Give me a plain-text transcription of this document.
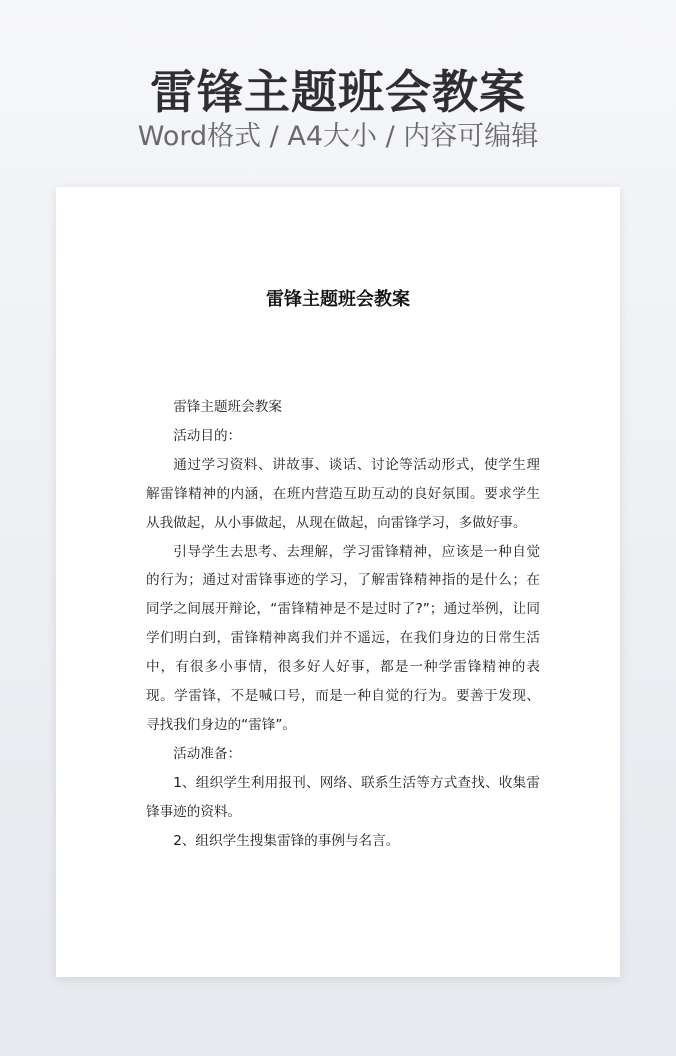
雷锋主题班会教案
Word格式 / A4大小 / 内容可编辑
雷锋主题班会教案

雷锋主题班会教案

活动目的：

通过学习资料、讲故事、谈话、讨论等活动形式，使学生理解雷锋精神的内涵，在班内营造互助互动的良好氛围。要求学生从我做起，从小事做起，从现在做起，向雷锋学习，多做好事。

引导学生去思考、去理解，学习雷锋精神，应该是一种自觉的行为；通过对雷锋事迹的学习，了解雷锋精神指的是什么；在同学之间展开辩论，“雷锋精神是不是过时了?”；通过举例，让同学们明白到，雷锋精神离我们并不遥远，在我们身边的日常生活中，有很多小事情，很多好人好事，都是一种学雷锋精神的表现。学雷锋，不是喊口号，而是一种自觉的行为。要善于发现、寻找我们身边的“雷锋”。

活动准备：

1、组织学生利用报刊、网络、联系生活等方式查找、收集雷锋事迹的资料。

2、组织学生搜集雷锋的事例与名言。
